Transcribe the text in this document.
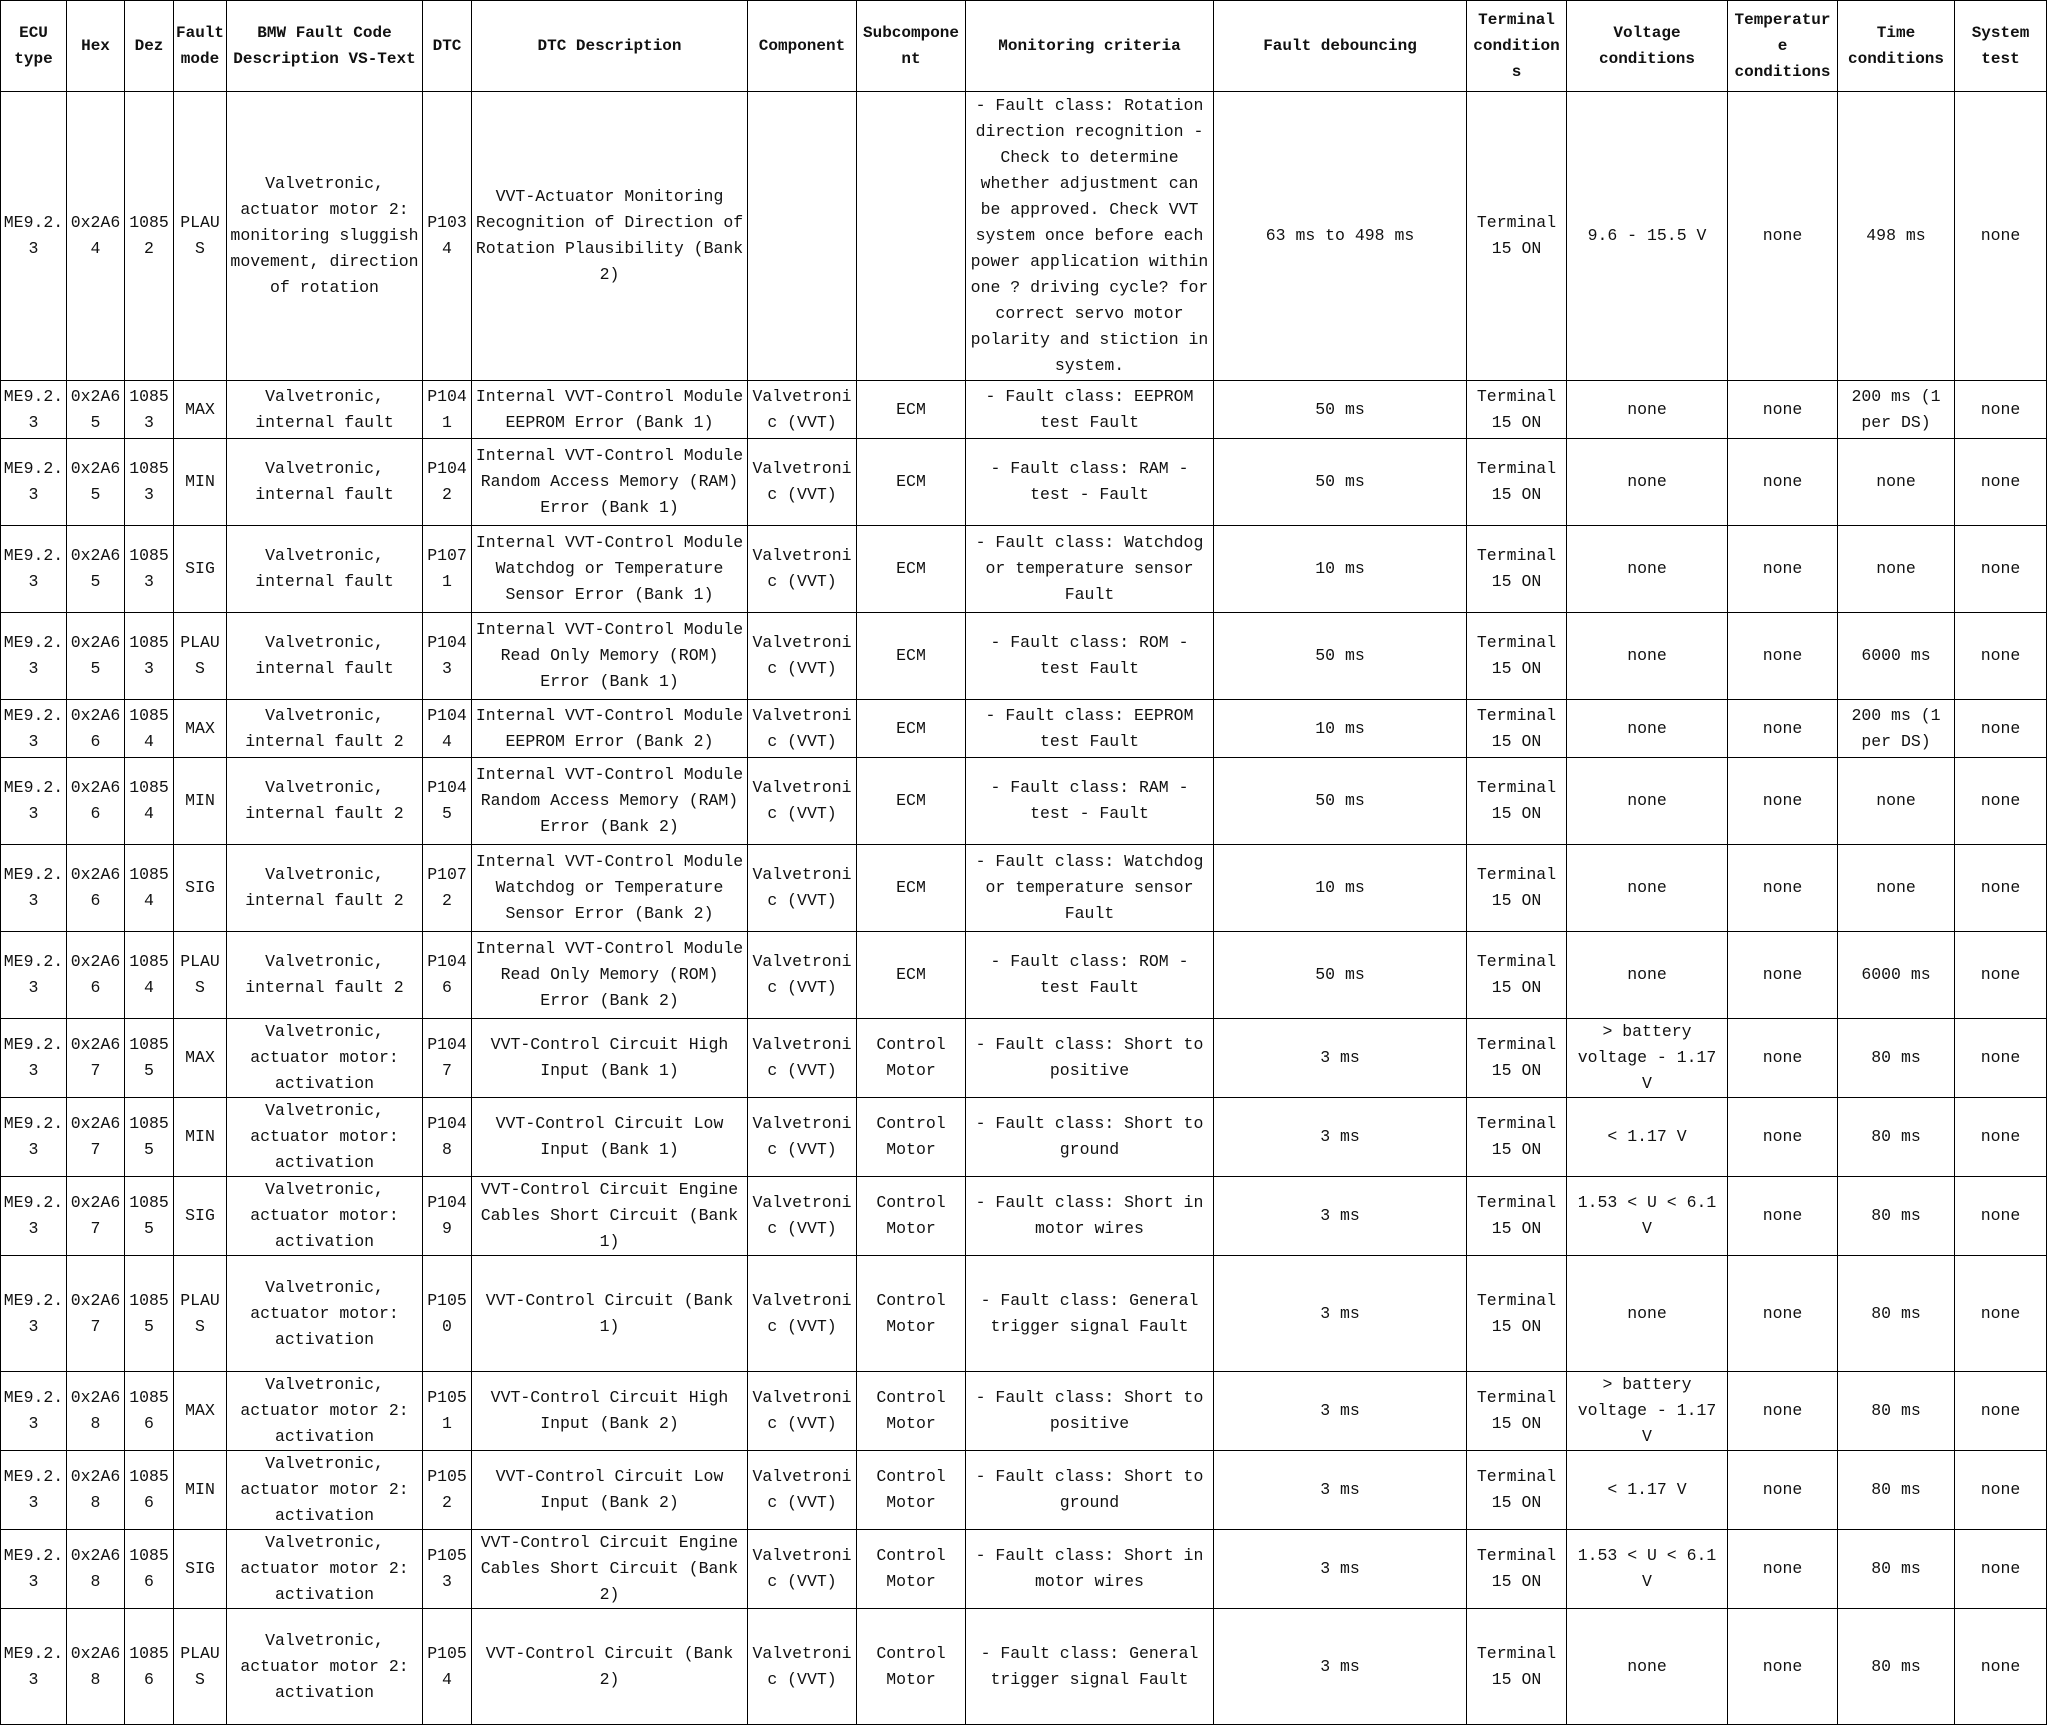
ECU type	Hex	Dez	Fault mode	BMW Fault Code Description VS-Text	DTC	DTC Description	Component	Subcomponent	Monitoring criteria	Fault debouncing	Terminal conditions	Voltage conditions	Temperature conditions	Time conditions	System test
ME9.2.3	0x2A64	10852	PLAUS	Valvetronic, actuator motor 2: monitoring sluggish movement, direction of rotation	P1034	VVT-Actuator Monitoring Recognition of Direction of Rotation Plausibility (Bank 2)			- Fault class: Rotation direction recognition - Check to determine whether adjustment can be approved. Check VVT system once before each power application within one ? driving cycle? for correct servo motor polarity and stiction in system.	63 ms to 498 ms	Terminal 15 ON	9.6 - 15.5 V	none	498 ms	none
ME9.2.3	0x2A65	10853	MAX	Valvetronic, internal fault	P1041	Internal VVT-Control Module EEPROM Error (Bank 1)	Valvetronic (VVT)	ECM	- Fault class: EEPROM test Fault	50 ms	Terminal 15 ON	none	none	200 ms (1 per DS)	none
ME9.2.3	0x2A65	10853	MIN	Valvetronic, internal fault	P1042	Internal VVT-Control Module Random Access Memory (RAM) Error (Bank 1)	Valvetronic (VVT)	ECM	- Fault class: RAM - test - Fault	50 ms	Terminal 15 ON	none	none	none	none
ME9.2.3	0x2A65	10853	SIG	Valvetronic, internal fault	P1071	Internal VVT-Control Module Watchdog or Temperature Sensor Error (Bank 1)	Valvetronic (VVT)	ECM	- Fault class: Watchdog or temperature sensor Fault	10 ms	Terminal 15 ON	none	none	none	none
ME9.2.3	0x2A65	10853	PLAUS	Valvetronic, internal fault	P1043	Internal VVT-Control Module Read Only Memory (ROM) Error (Bank 1)	Valvetronic (VVT)	ECM	- Fault class: ROM - test Fault	50 ms	Terminal 15 ON	none	none	6000 ms	none
ME9.2.3	0x2A66	10854	MAX	Valvetronic, internal fault 2	P1044	Internal VVT-Control Module EEPROM Error (Bank 2)	Valvetronic (VVT)	ECM	- Fault class: EEPROM test Fault	10 ms	Terminal 15 ON	none	none	200 ms (1 per DS)	none
ME9.2.3	0x2A66	10854	MIN	Valvetronic, internal fault 2	P1045	Internal VVT-Control Module Random Access Memory (RAM) Error (Bank 2)	Valvetronic (VVT)	ECM	- Fault class: RAM - test - Fault	50 ms	Terminal 15 ON	none	none	none	none
ME9.2.3	0x2A66	10854	SIG	Valvetronic, internal fault 2	P1072	Internal VVT-Control Module Watchdog or Temperature Sensor Error (Bank 2)	Valvetronic (VVT)	ECM	- Fault class: Watchdog or temperature sensor Fault	10 ms	Terminal 15 ON	none	none	none	none
ME9.2.3	0x2A66	10854	PLAUS	Valvetronic, internal fault 2	P1046	Internal VVT-Control Module Read Only Memory (ROM) Error (Bank 2)	Valvetronic (VVT)	ECM	- Fault class: ROM - test Fault	50 ms	Terminal 15 ON	none	none	6000 ms	none
ME9.2.3	0x2A67	10855	MAX	Valvetronic, actuator motor: activation	P1047	VVT-Control Circuit High Input (Bank 1)	Valvetronic (VVT)	Control Motor	- Fault class: Short to positive	3 ms	Terminal 15 ON	> battery voltage - 1.17 V	none	80 ms	none
ME9.2.3	0x2A67	10855	MIN	Valvetronic, actuator motor: activation	P1048	VVT-Control Circuit Low Input (Bank 1)	Valvetronic (VVT)	Control Motor	- Fault class: Short to ground	3 ms	Terminal 15 ON	< 1.17 V	none	80 ms	none
ME9.2.3	0x2A67	10855	SIG	Valvetronic, actuator motor: activation	P1049	VVT-Control Circuit Engine Cables Short Circuit (Bank 1)	Valvetronic (VVT)	Control Motor	- Fault class: Short in motor wires	3 ms	Terminal 15 ON	1.53 < U < 6.1 V	none	80 ms	none
ME9.2.3	0x2A67	10855	PLAUS	Valvetronic, actuator motor: activation	P1050	VVT-Control Circuit (Bank 1)	Valvetronic (VVT)	Control Motor	- Fault class: General trigger signal Fault	3 ms	Terminal 15 ON	none	none	80 ms	none
ME9.2.3	0x2A68	10856	MAX	Valvetronic, actuator motor 2: activation	P1051	VVT-Control Circuit High Input (Bank 2)	Valvetronic (VVT)	Control Motor	- Fault class: Short to positive	3 ms	Terminal 15 ON	> battery voltage - 1.17 V	none	80 ms	none
ME9.2.3	0x2A68	10856	MIN	Valvetronic, actuator motor 2: activation	P1052	VVT-Control Circuit Low Input (Bank 2)	Valvetronic (VVT)	Control Motor	- Fault class: Short to ground	3 ms	Terminal 15 ON	< 1.17 V	none	80 ms	none
ME9.2.3	0x2A68	10856	SIG	Valvetronic, actuator motor 2: activation	P1053	VVT-Control Circuit Engine Cables Short Circuit (Bank 2)	Valvetronic (VVT)	Control Motor	- Fault class: Short in motor wires	3 ms	Terminal 15 ON	1.53 < U < 6.1 V	none	80 ms	none
ME9.2.3	0x2A68	10856	PLAUS	Valvetronic, actuator motor 2: activation	P1054	VVT-Control Circuit (Bank 2)	Valvetronic (VVT)	Control Motor	- Fault class: General trigger signal Fault	3 ms	Terminal 15 ON	none	none	80 ms	none
